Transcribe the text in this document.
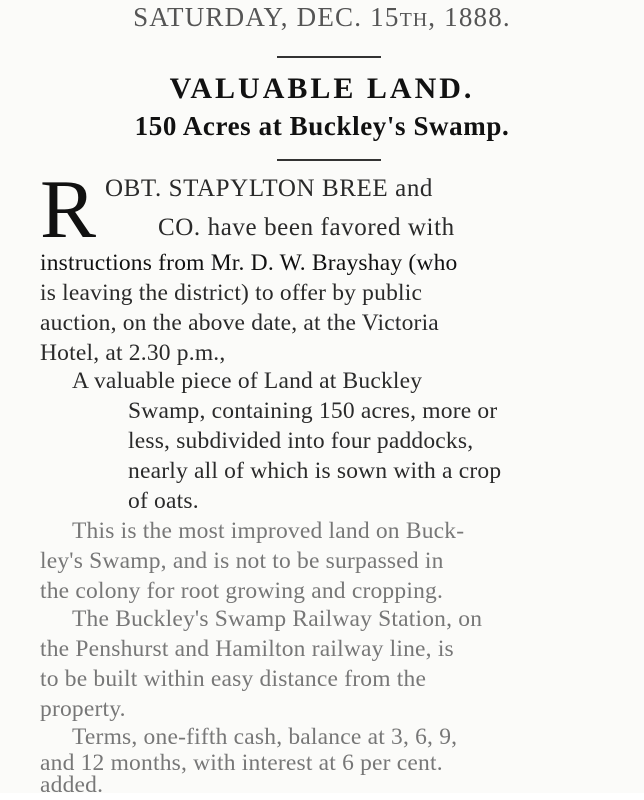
SATURDAY, DEC. 15TH, 1888.
VALUABLE LAND.
150 Acres at Buckley's Swamp.
R OBT. STAPYLTON BREE and
CO. have been favored with
instructions from Mr. D. W. Brayshay (who
is leaving the district) to offer by public
auction, on the above date, at the Victoria
Hotel, at 2.30 p.m.,
A valuable piece of Land at Buckley
Swamp, containing 150 acres, more or
less, subdivided into four paddocks,
nearly all of which is sown with a crop
of oats.
This is the most improved land on Buck-
ley's Swamp, and is not to be surpassed in
the colony for root growing and cropping.
The Buckley's Swamp Railway Station, on
the Penshurst and Hamilton railway line, is
to be built within easy distance from the
property.
Terms, one-fifth cash, balance at 3, 6, 9,
and 12 months, with interest at 6 per cent.
added.
